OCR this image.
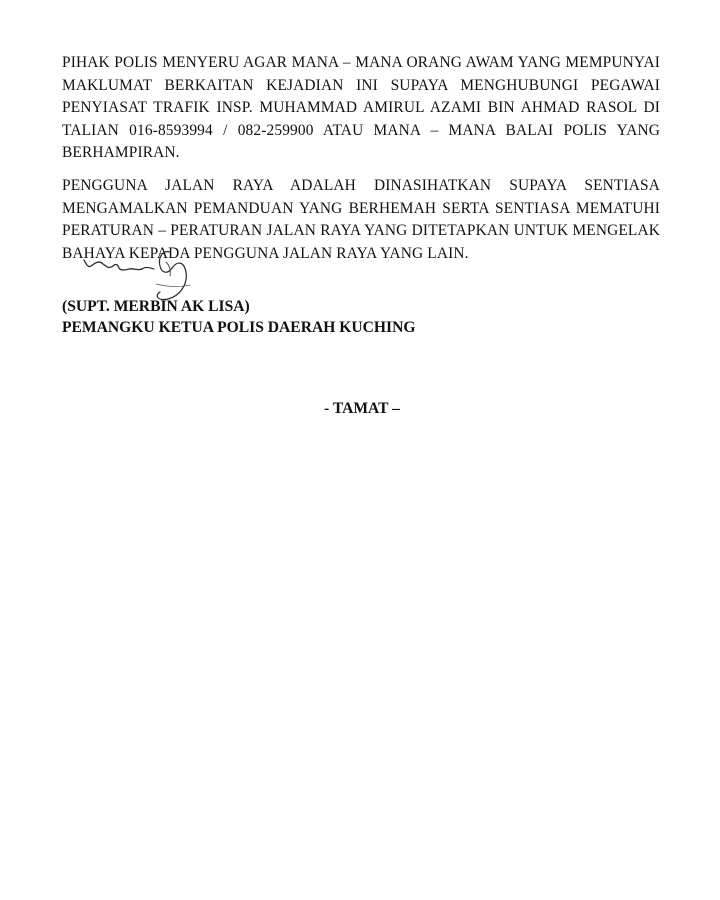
PIHAK POLIS MENYERU AGAR MANA – MANA ORANG AWAM YANG MEMPUNYAI MAKLUMAT BERKAITAN KEJADIAN INI SUPAYA MENGHUBUNGI PEGAWAI PENYIASAT TRAFIK INSP. MUHAMMAD AMIRUL AZAMI BIN AHMAD RASOL DI TALIAN 016-8593994 / 082-259900 ATAU MANA – MANA BALAI POLIS YANG BERHAMPIRAN.

PENGGUNA JALAN RAYA ADALAH DINASIHATKAN SUPAYA SENTIASA MENGAMALKAN PEMANDUAN YANG BERHEMAH SERTA SENTIASA MEMATUHI PERATURAN – PERATURAN JALAN RAYA YANG DITETAPKAN UNTUK MENGELAK BAHAYA KEPADA PENGGUNA JALAN RAYA YANG LAIN.

(SUPT. MERBIN AK LISA)
PEMANGKU KETUA POLIS DAERAH KUCHING
- TAMAT –
